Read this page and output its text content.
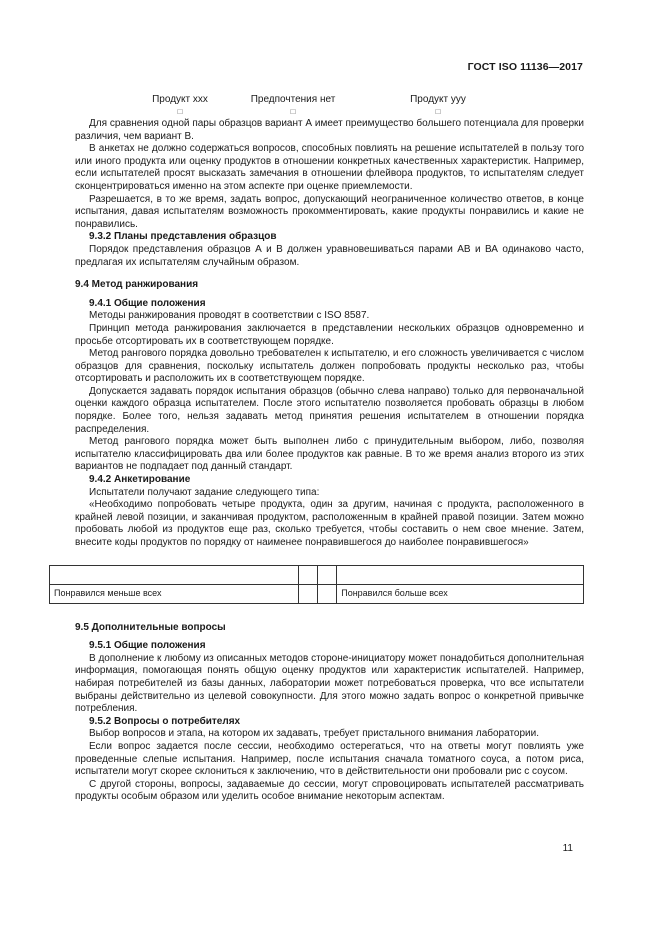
ГОСТ ISO 11136—2017
Продукт ххх
□
Предпочтения нет
□
Продукт ууу
□

Для сравнения одной пары образцов вариант А имеет преимущество большего потенциала для проверки различия, чем вариант В.

В анкетах не должно содержаться вопросов, способных повлиять на решение испытателей в пользу того или иного продукта или оценку продуктов в отношении конкретных качественных характеристик. Например, если испытателей просят высказать замечания в отношении флейвора продуктов, то испытателям следует сконцентрироваться именно на этом аспекте при оценке приемлемости.

Разрешается, в то же время, задать вопрос, допускающий неограниченное количество ответов, в конце испытания, давая испытателям возможность прокомментировать, какие продукты понравились и какие не понравились.

9.3.2 Планы представления образцов

Порядок представления образцов А и В должен уравновешиваться парами АВ и ВА одинаково часто, предлагая их испытателям случайным образом.

9.4 Метод ранжирования

9.4.1 Общие положения

Методы ранжирования проводят в соответствии с ISO 8587.

Принцип метода ранжирования заключается в представлении нескольких образцов одновременно и просьбе отсортировать их в соответствующем порядке.

Метод рангового порядка довольно требователен к испытателю, и его сложность увеличивается с числом образцов для сравнения, поскольку испытатель должен попробовать продукты несколько раз, чтобы отсортировать и расположить их в соответствующем порядке.

Допускается задавать порядок испытания образцов (обычно слева направо) только для первоначальной оценки каждого образца испытателем. После этого испытателю позволяется пробовать образцы в любом порядке. Более того, нельзя задавать метод принятия решения испытателем в отношении порядка распределения.

Метод рангового порядка может быть выполнен либо с принудительным выбором, либо, позволяя испытателю классифицировать два или более продуктов как равные. В то же время анализ второго из этих вариантов не подпадает под данный стандарт.

9.4.2 Анкетирование

Испытатели получают задание следующего типа:

«Необходимо попробовать четыре продукта, один за другим, начиная с продукта, расположенного в крайней левой позиции, и заканчивая продуктом, расположенным в крайней правой позиции. Затем можно пробовать любой из продуктов еще раз, сколько требуется, чтобы составить о нем свое мнение. Затем, внесите коды продуктов по порядку от наименее понравившегося до наиболее понравившегося»

Понравился меньше всех			Понравился больше всех

9.5 Дополнительные вопросы

9.5.1 Общие положения

В дополнение к любому из описанных методов стороне-инициатору может понадобиться дополнительная информация, помогающая понять общую оценку продуктов или характеристик испытателей. Например, набирая потребителей из базы данных, лаборатории может потребоваться проверка, что все испытатели выбраны действительно из целевой совокупности. Для этого можно задать вопрос о конкретной привычке потребления.

9.5.2 Вопросы о потребителях

Выбор вопросов и этапа, на котором их задавать, требует пристального внимания лаборатории.

Если вопрос задается после сессии, необходимо остерегаться, что на ответы могут повлиять уже проведенные слепые испытания. Например, после испытания сначала томатного соуса, а потом риса, испытатели могут скорее склониться к заключению, что в действительности они пробовали рис с соусом.

С другой стороны, вопросы, задаваемые до сессии, могут спровоцировать испытателей рассматривать продукты особым образом или уделить особое внимание некоторым аспектам.

11
